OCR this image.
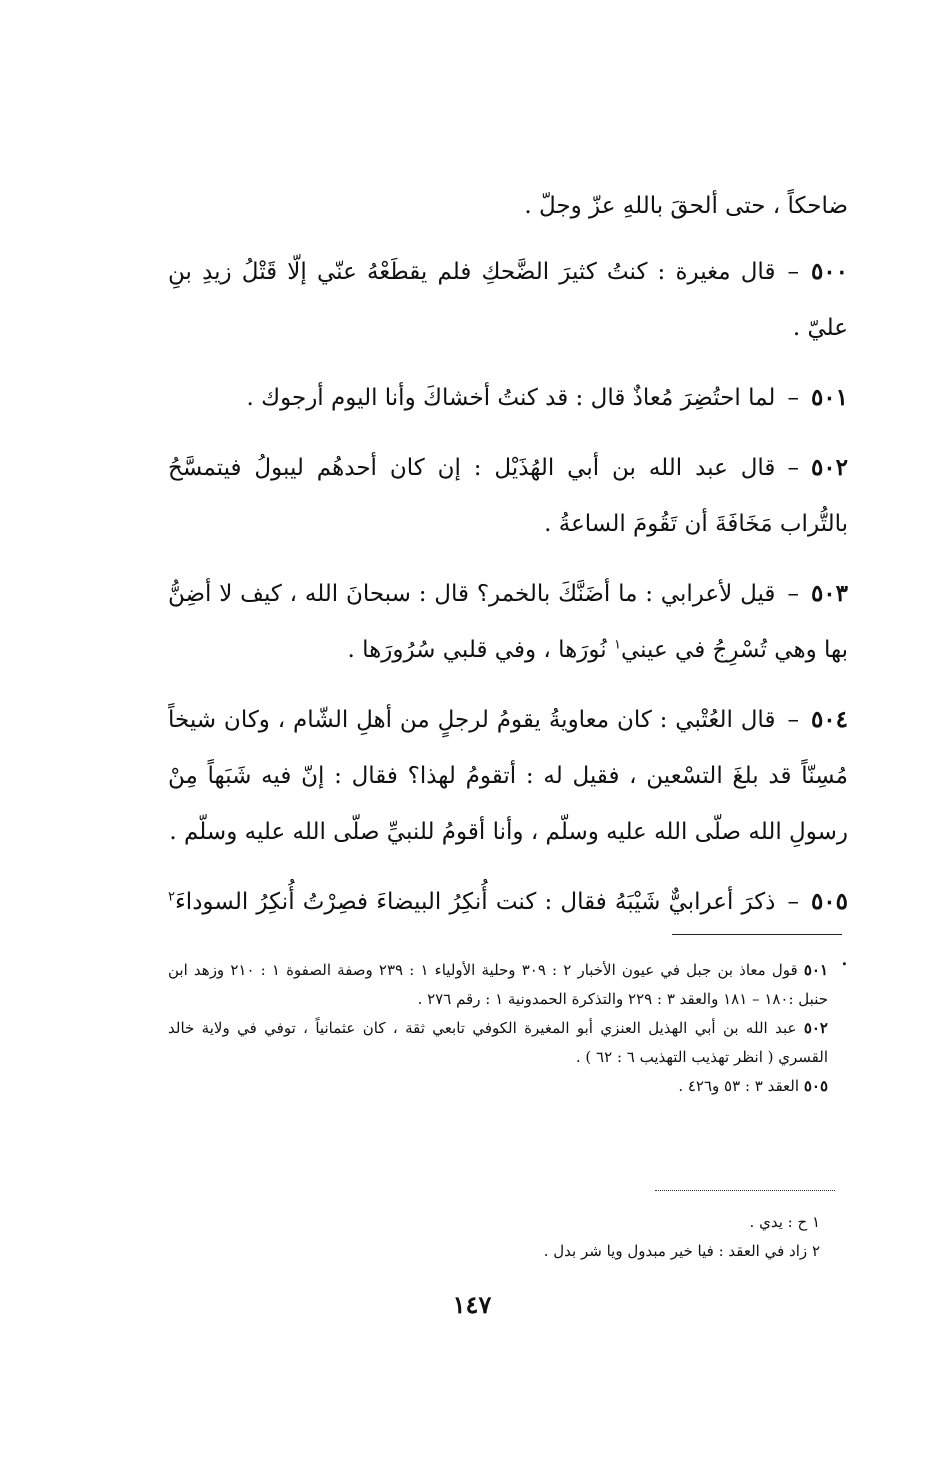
ضاحكاً ، حتى ألحقَ باللهِ عزّ وجلّ .

٥٠٠–قال مغيرة : كنتُ كثيرَ الضَّحكِ فلم يقطَعْهُ عنّي إلّا قَتْلُ زيدِ بنِ عليّ .

٥٠١–لما احتُضِرَ مُعاذٌ قال : قد كنتُ أخشاكَ وأنا اليوم أرجوك .

٥٠٢–قال عبد الله بن أبي الهُذَيْل : إن كان أحدهُم ليبولُ فيتمسَّحُ بالتُّراب مَخَافَةَ أن تَقُومَ الساعةُ .

٥٠٣–قيل لأعرابي : ما أضَنَّكَ بالخمر؟ قال : سبحانَ الله ، كيف لا أضِنُّ بها وهي تُسْرِجُ في عيني$^١$ نُورَها ، وفي قلبي سُرُورَها .

٥٠٤–قال العُتْبي : كان معاويةُ يقومُ لرجلٍ من أهلِ الشّام ، وكان شيخاً مُسِنّاً قد بلغَ التسْعين ، فقيل له : أتقومُ لهذا؟ فقال : إنّ فيه شَبَهاً مِنْ رسولِ الله صلّى الله عليه وسلّم ، وأنا أقومُ للنبيِّ صلّى الله عليه وسلّم .

٥٠٥–ذكرَ أعرابيٌّ شَيْبَهُ فقال : كنت أُنكِرُ البيضاءَ فصِرْتُ أُنكِرُ السوداءَ$^٢$ .

٥٠١ قول معاذ بن جبل في عيون الأخبار ٢ : ٣٠٩ وحلية الأولياء ١ : ٢٣٩ وصفة الصفوة ١ : ٢١٠ وزهد ابن حنبل :١٨٠ – ١٨١ والعقد ٣ : ٢٢٩ والتذكرة الحمدونية ١ : رقم ٢٧٦ .

٥٠٢ عبد الله بن أبي الهذيل العنزي أبو المغيرة الكوفي تابعي ثقة ، كان عثمانياً ، توفي في ولاية خالد القسري ( انظر تهذيب التهذيب ٦ : ٦٢ ) .

٥٠٥ العقد ٣ : ٥٣ و٤٢٦ .

١ ح : يدي .

٢ زاد في العقد : فيا خير مبدول ويا شر بدل .

١٤٧
